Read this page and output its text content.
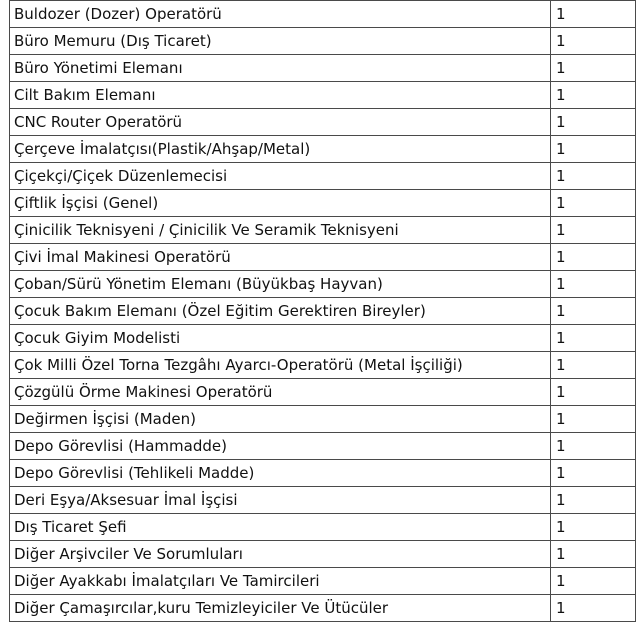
Buldozer (Dozer) Operatörü	1
Büro Memuru (Dış Ticaret)	1
Büro Yönetimi Elemanı	1
Cilt Bakım Elemanı	1
CNC Router Operatörü	1
Çerçeve İmalatçısı(Plastik/Ahşap/Metal)	1
Çiçekçi/Çiçek Düzenlemecisi	1
Çiftlik İşçisi (Genel)	1
Çinicilik Teknisyeni / Çinicilik Ve Seramik Teknisyeni	1
Çivi İmal Makinesi Operatörü	1
Çoban/Sürü Yönetim Elemanı (Büyükbaş Hayvan)	1
Çocuk Bakım Elemanı (Özel Eğitim Gerektiren Bireyler)	1
Çocuk Giyim Modelisti	1
Çok Milli Özel Torna Tezgâhı Ayarcı-Operatörü (Metal İşçiliği)	1
Çözgülü Örme Makinesi Operatörü	1
Değirmen İşçisi (Maden)	1
Depo Görevlisi (Hammadde)	1
Depo Görevlisi (Tehlikeli Madde)	1
Deri Eşya/Aksesuar İmal İşçisi	1
Dış Ticaret Şefi	1
Diğer Arşivciler Ve Sorumluları	1
Diğer Ayakkabı İmalatçıları Ve Tamircileri	1
Diğer Çamaşırcılar,kuru Temizleyiciler Ve Ütücüler	1
